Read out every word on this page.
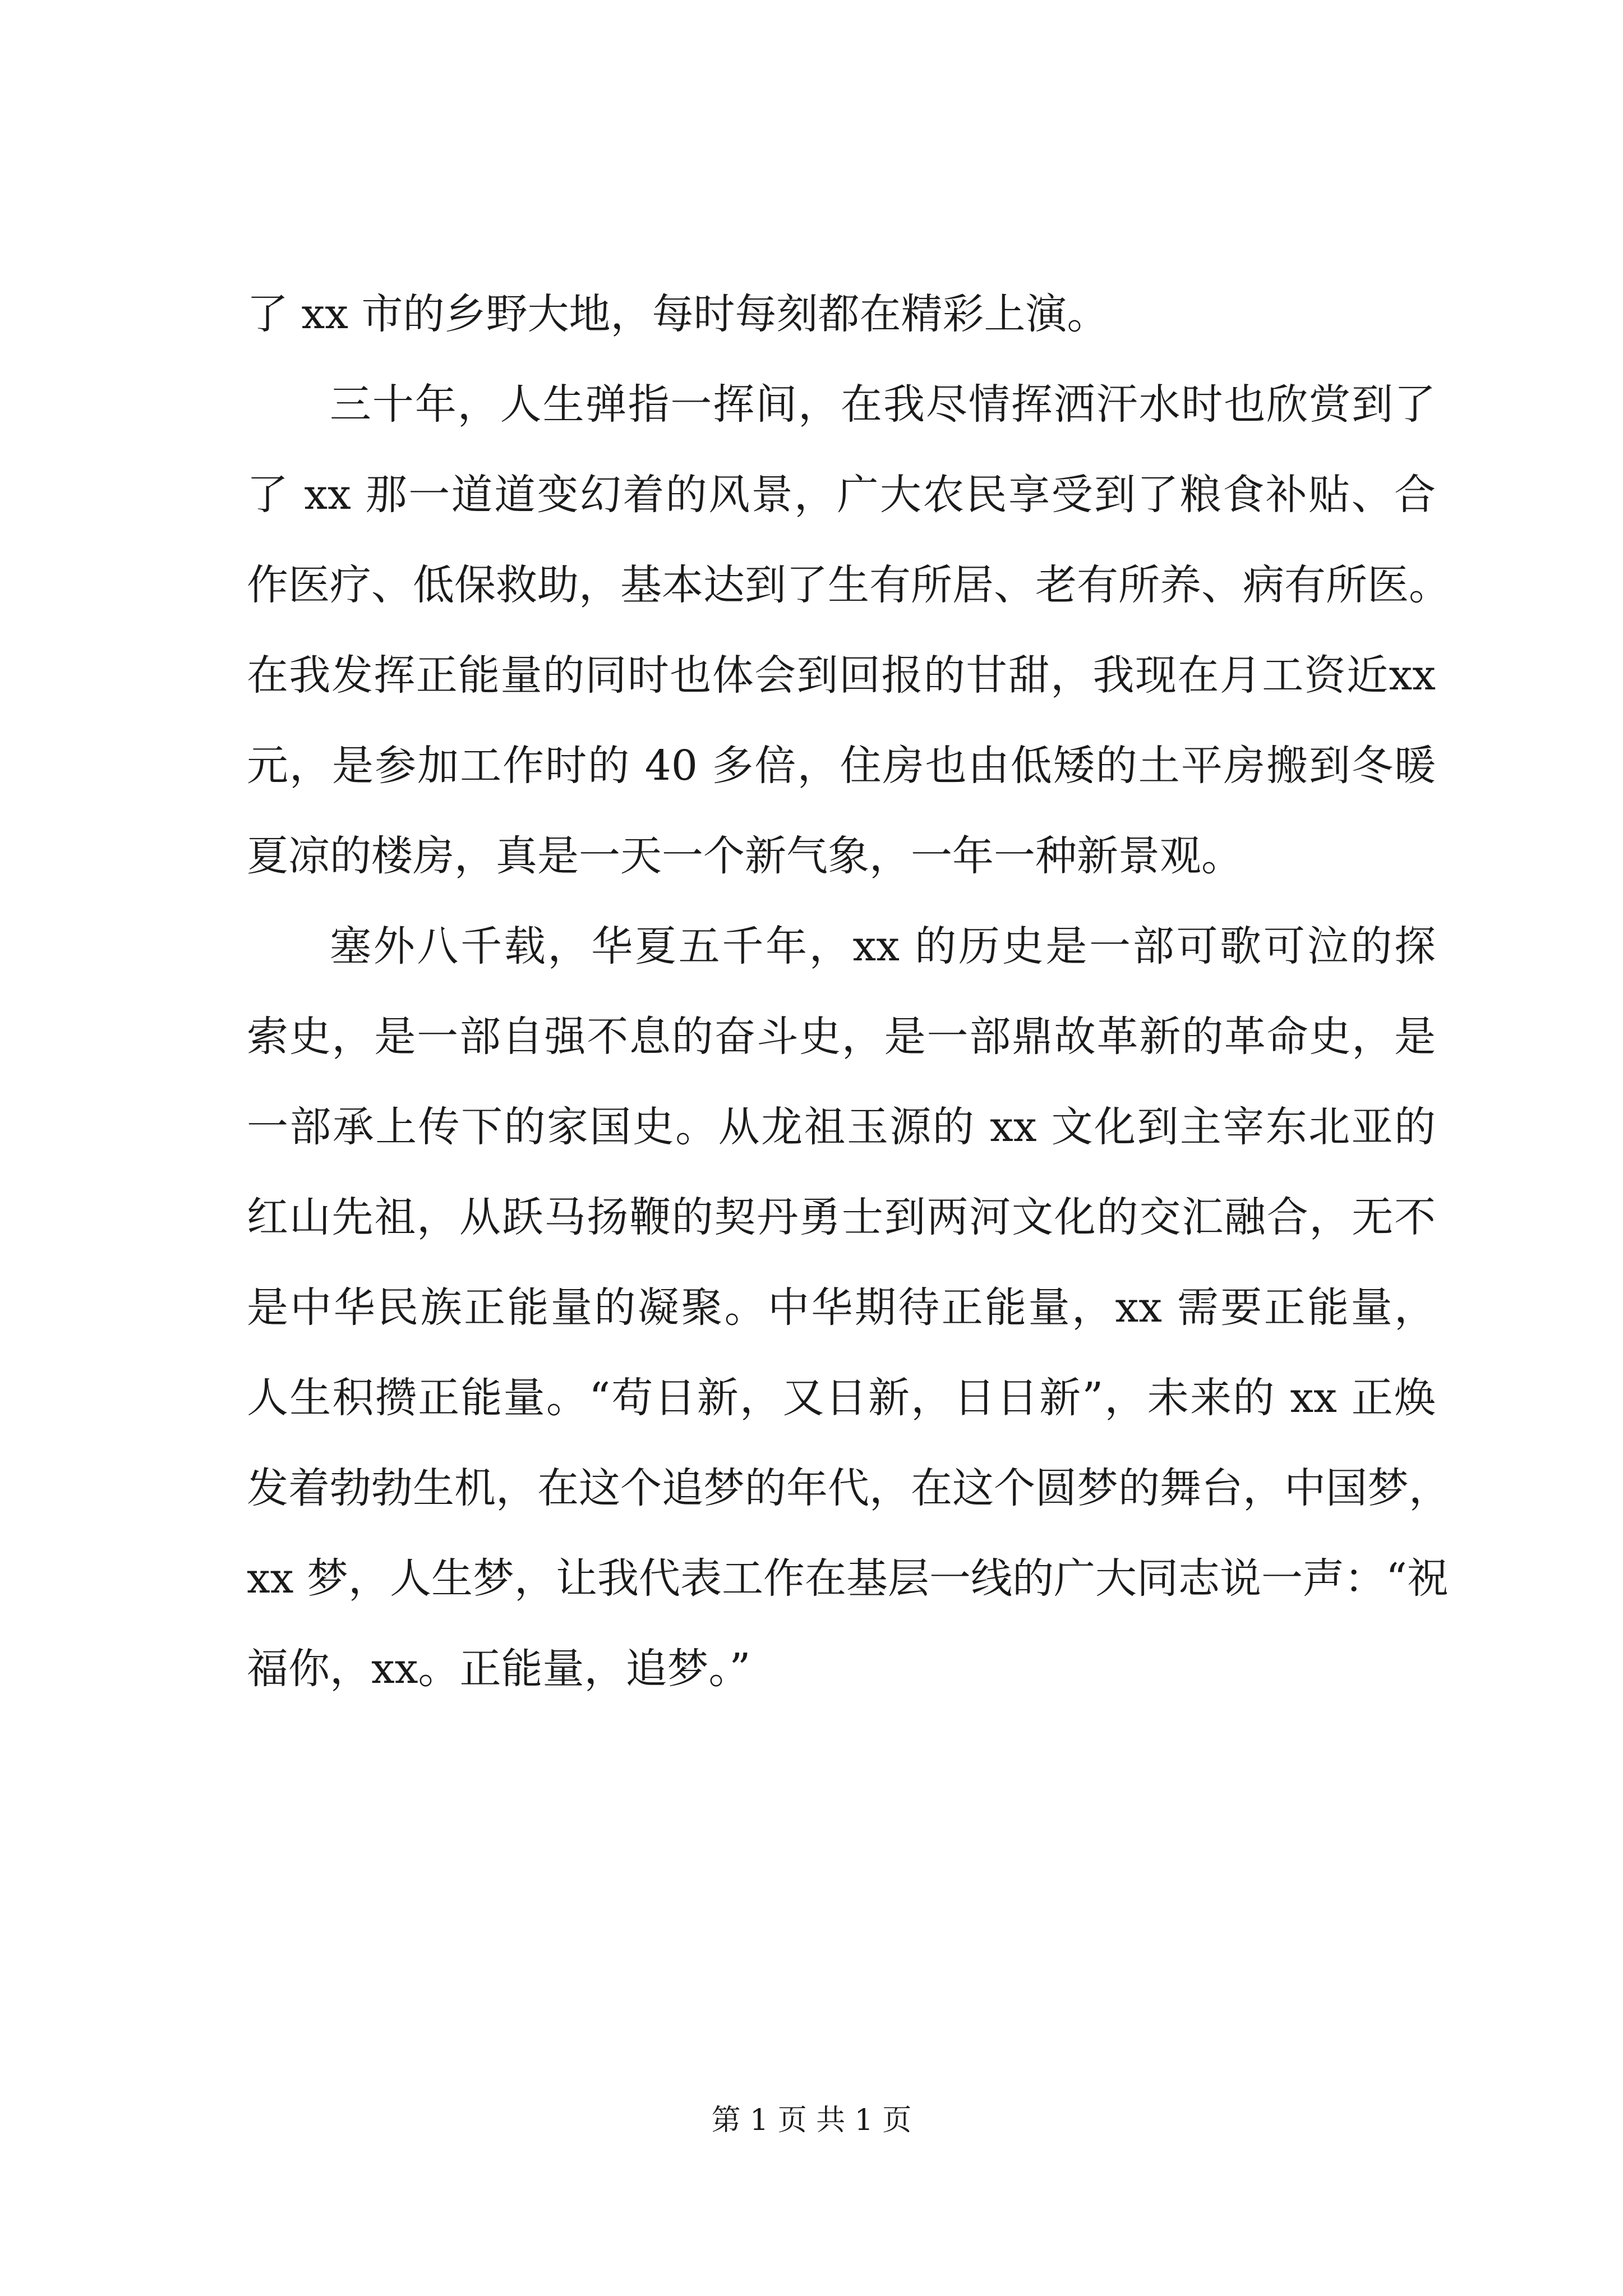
了 xx 市的乡野大地，每时每刻都在精彩上演。
三十年，人生弹指一挥间，在我尽情挥洒汗水时也欣赏到了
了 xx 那一道道变幻着的风景，广大农民享受到了粮食补贴、合
作医疗、低保救助，基本达到了生有所居、老有所养、病有所医。
在我发挥正能量的同时也体会到回报的甘甜，我现在月工资近xx
元，是参加工作时的 40 多倍，住房也由低矮的土平房搬到冬暖
夏凉的楼房，真是一天一个新气象，一年一种新景观。
塞外八千载，华夏五千年，xx 的历史是一部可歌可泣的探
索史，是一部自强不息的奋斗史，是一部鼎故革新的革命史，是
一部承上传下的家国史。从龙祖玉源的 xx 文化到主宰东北亚的
红山先祖，从跃马扬鞭的契丹勇士到两河文化的交汇融合，无不
是中华民族正能量的凝聚。中华期待正能量，xx 需要正能量，
人生积攒正能量。“苟日新，又日新，日日新”，未来的 xx 正焕
发着勃勃生机，在这个追梦的年代，在这个圆梦的舞台，中国梦，
xx 梦，人生梦，让我代表工作在基层一线的广大同志说一声：“祝
福你，xx。正能量，追梦。”
第 1 页 共 1 页
